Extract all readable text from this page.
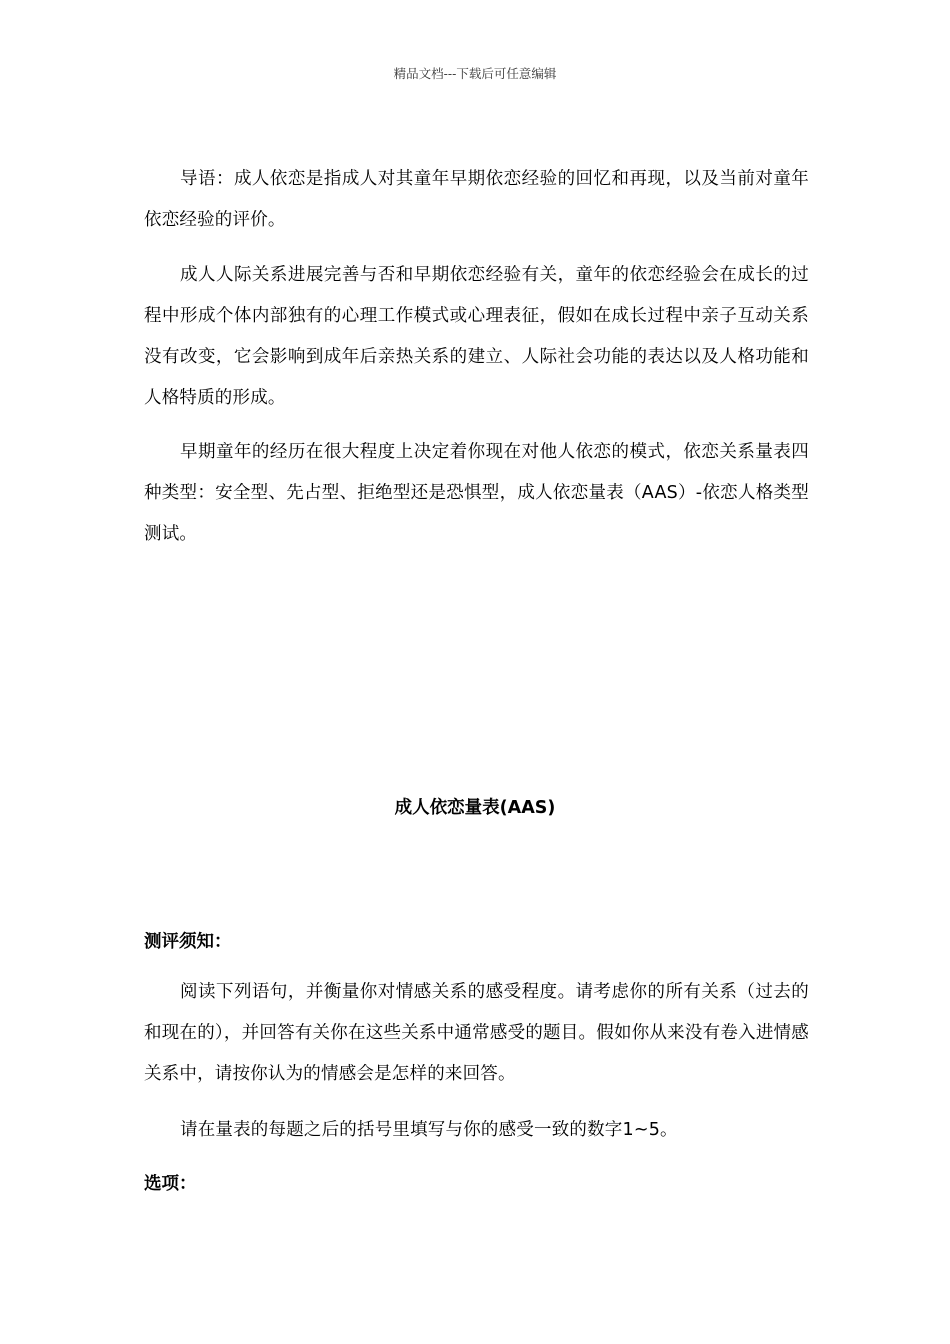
精品文档---下载后可任意编辑

导语：成人依恋是指成人对其童年早期依恋经验的回忆和再现，以及当前对童年依恋经验的评价。

成人人际关系进展完善与否和早期依恋经验有关，童年的依恋经验会在成长的过程中形成个体内部独有的心理工作模式或心理表征，假如在成长过程中亲子互动关系没有改变，它会影响到成年后亲热关系的建立、人际社会功能的表达以及人格功能和人格特质的形成。

早期童年的经历在很大程度上决定着你现在对他人依恋的模式，依恋关系量表四种类型：安全型、先占型、拒绝型还是恐惧型，成人依恋量表（AAS）-依恋人格类型测试。

成人依恋量表(AAS)
测评须知：

阅读下列语句，并衡量你对情感关系的感受程度。请考虑你的所有关系（过去的和现在的），并回答有关你在这些关系中通常感受的题目。假如你从来没有卷入进情感关系中，请按你认为的情感会是怎样的来回答。

请在量表的每题之后的括号里填写与你的感受一致的数字1~5。

选项：
